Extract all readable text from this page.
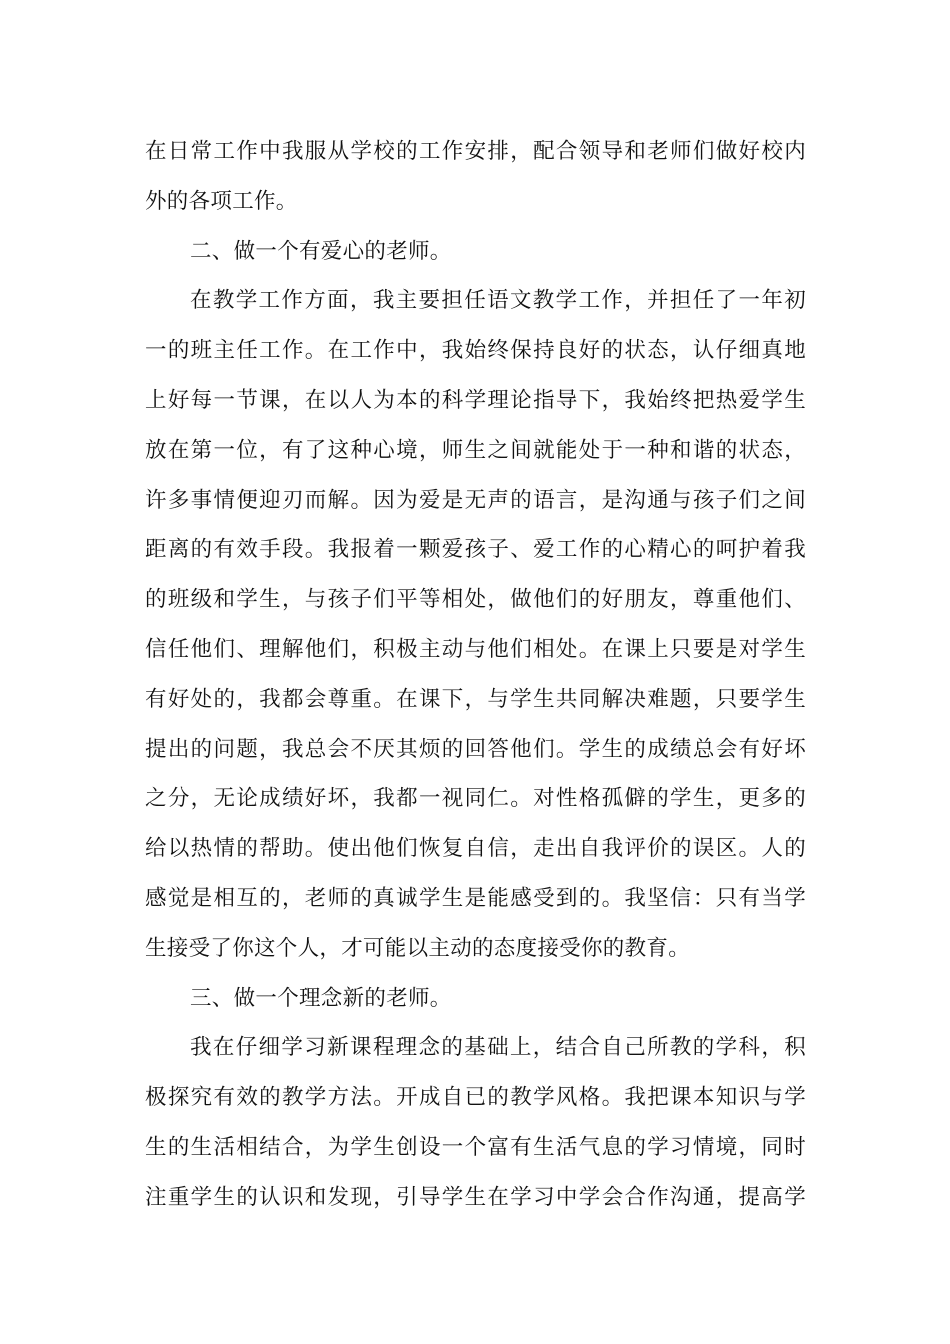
在日常工作中我服从学校的工作安排，配合领导和老师们做好校内
外的各项工作。
二、做一个有爱心的老师。
在教学工作方面，我主要担任语文教学工作，并担任了一年初
一的班主任工作。在工作中，我始终保持良好的状态，认仔细真地
上好每一节课，在以人为本的科学理论指导下，我始终把热爱学生
放在第一位，有了这种心境，师生之间就能处于一种和谐的状态，
许多事情便迎刃而解。因为爱是无声的语言，是沟通与孩子们之间
距离的有效手段。我报着一颗爱孩子、爱工作的心精心的呵护着我
的班级和学生，与孩子们平等相处，做他们的好朋友，尊重他们、
信任他们、理解他们，积极主动与他们相处。在课上只要是对学生
有好处的，我都会尊重。在课下，与学生共同解决难题，只要学生
提出的问题，我总会不厌其烦的回答他们。学生的成绩总会有好坏
之分，无论成绩好坏，我都一视同仁。对性格孤僻的学生，更多的
给以热情的帮助。使出他们恢复自信，走出自我评价的误区。人的
感觉是相互的，老师的真诚学生是能感受到的。我坚信：只有当学
生接受了你这个人，才可能以主动的态度接受你的教育。
三、做一个理念新的老师。
我在仔细学习新课程理念的基础上，结合自己所教的学科，积
极探究有效的教学方法。开成自已的教学风格。我把课本知识与学
生的生活相结合，为学生创设一个富有生活气息的学习情境，同时
注重学生的认识和发现，引导学生在学习中学会合作沟通，提高学
